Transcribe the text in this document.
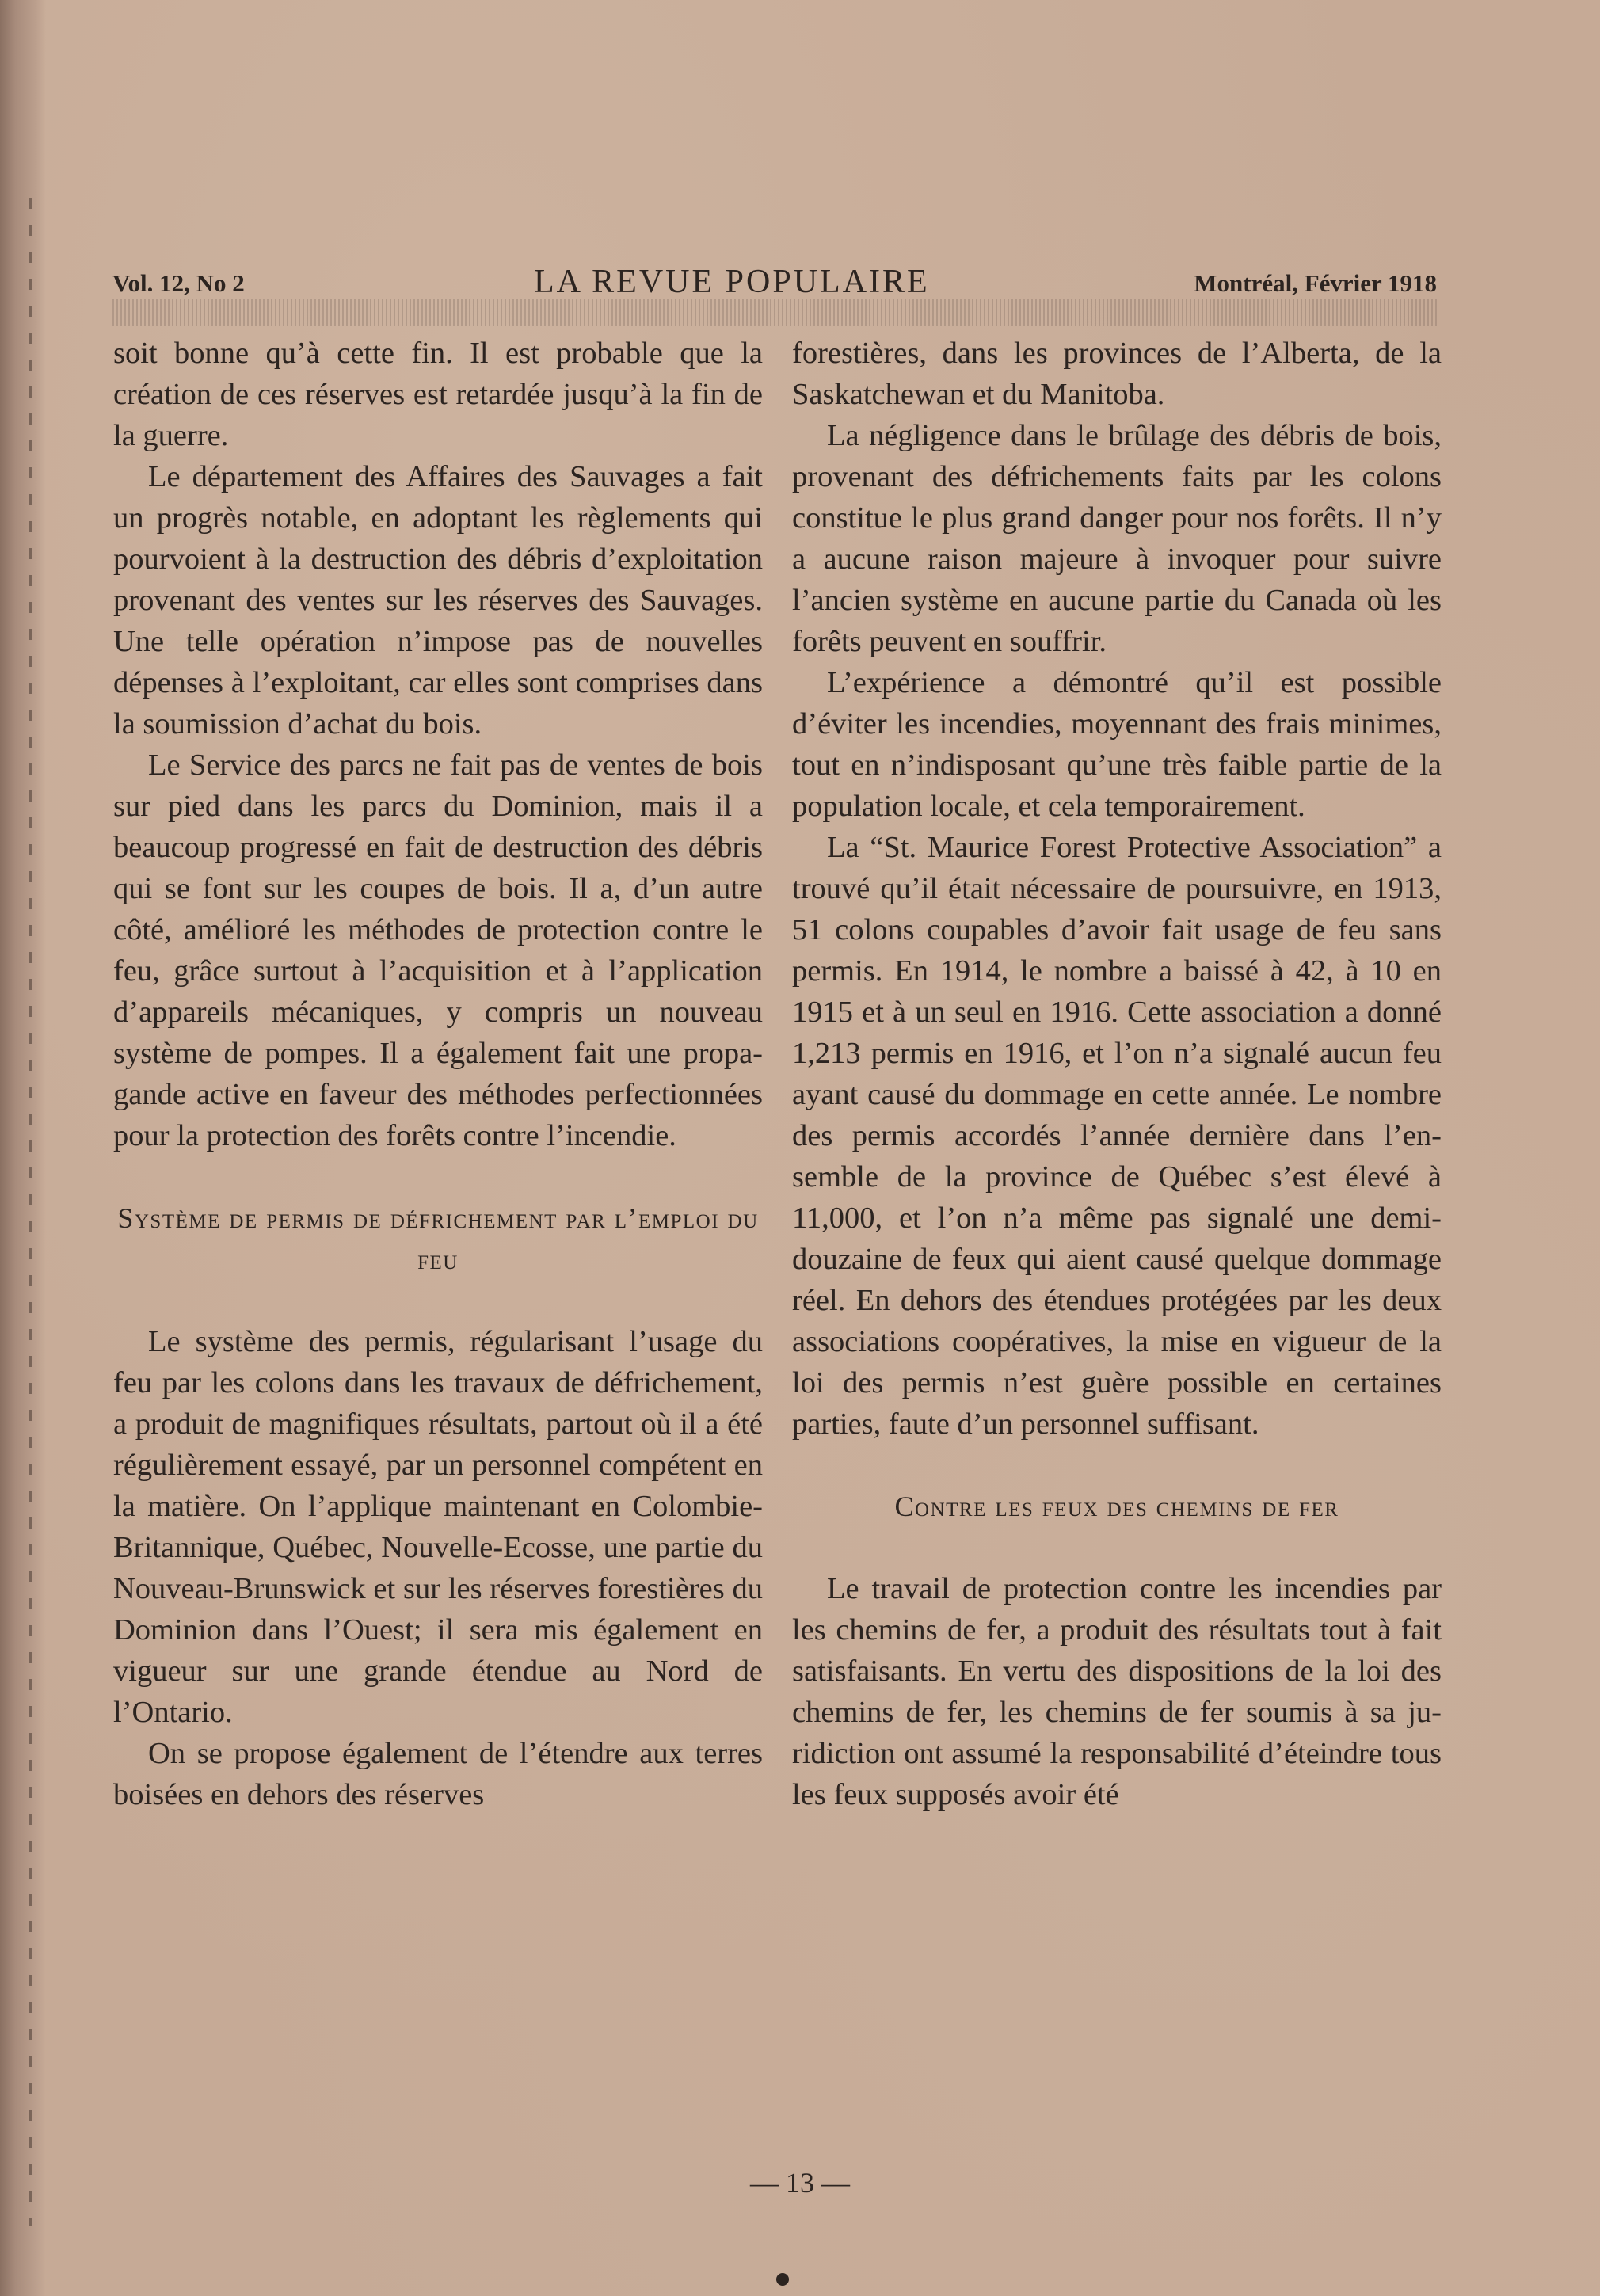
Vol. 12, No 2	LA REVUE POPULAIRE	Montréal, Février 1918

soit bonne qu’à cette fin. Il est probable que la création de ces réserves est retardée jusqu’à la fin de la guerre.

Le département des Affaires des Sauvages a fait un progrès notable, en adoptant les règlements qui pourvoient à la destruction des débris d’exploitation provenant des ventes sur les réserves des Sauvages. Une telle opération n’impose pas de nouvelles dépenses à l’exploitant, car elles sont comprises dans la soumission d’achat du bois.

Le Service des parcs ne fait pas de ventes de bois sur pied dans les parcs du Dominion, mais il a beaucoup progressé en fait de destruction des débris qui se font sur les coupes de bois. Il a, d’un autre côté, amélioré les méthodes de protection contre le feu, grâce surtout à l’acquisition et à l’application d’appareils mécaniques, y compris un nouveau système de pompes. Il a également fait une propagande active en faveur des méthodes perfectionnées pour la protection des forêts contre l’incendie.

Système de permis de défrichement par l’emploi du feu

Le système des permis, régularisant l’usage du feu par les colons dans les travaux de défrichement, a produit de magnifiques résultats, partout où il a été régulièrement essayé, par un personnel compétent en la matière. On l’applique maintenant en Colombie-Britannique, Québec, Nouvelle-Ecosse, une partie du Nouveau-Brunswick et sur les réserves forestières du Dominion dans l’Ouest; il sera mis également en vigueur sur une grande étendue au Nord de l’Ontario.

On se propose également de l’étendre aux terres boisées en dehors des réserves

forestières, dans les provinces de l’Alberta, de la Saskatchewan et du Manitoba.

La négligence dans le brûlage des débris de bois, provenant des défrichements faits par les colons constitue le plus grand danger pour nos forêts. Il n’y a aucune raison majeure à invoquer pour suivre l’ancien système en aucune partie du Canada où les forêts peuvent en souffrir.

L’expérience a démontré qu’il est possible d’éviter les incendies, moyennant des frais minimes, tout en n’indisposant qu’une très faible partie de la population locale, et cela temporairement.

La “St. Maurice Forest Protective Association” a trouvé qu’il était nécessaire de poursuivre, en 1913, 51 colons coupables d’avoir fait usage de feu sans permis. En 1914, le nombre a baissé à 42, à 10 en 1915 et à un seul en 1916. Cette association a donné 1,213 permis en 1916, et l’on n’a signalé aucun feu ayant causé du dommage en cette année. Le nombre des permis accordés l’année dernière dans l’ensemble de la province de Québec s’est élevé à 11,000, et l’on n’a même pas signalé une demi-douzaine de feux qui aient causé quelque dommage réel. En dehors des étendues protégées par les deux associations coopératives, la mise en vigueur de la loi des permis n’est guère possible en certaines parties, faute d’un personnel suffisant.

Contre les feux des chemins de fer

Le travail de protection contre les incendies par les chemins de fer, a produit des résultats tout à fait satisfaisants. En vertu des dispositions de la loi des chemins de fer, les chemins de fer soumis à sa juridiction ont assumé la responsabilité d’éteindre tous les feux supposés avoir été

— 13 —
